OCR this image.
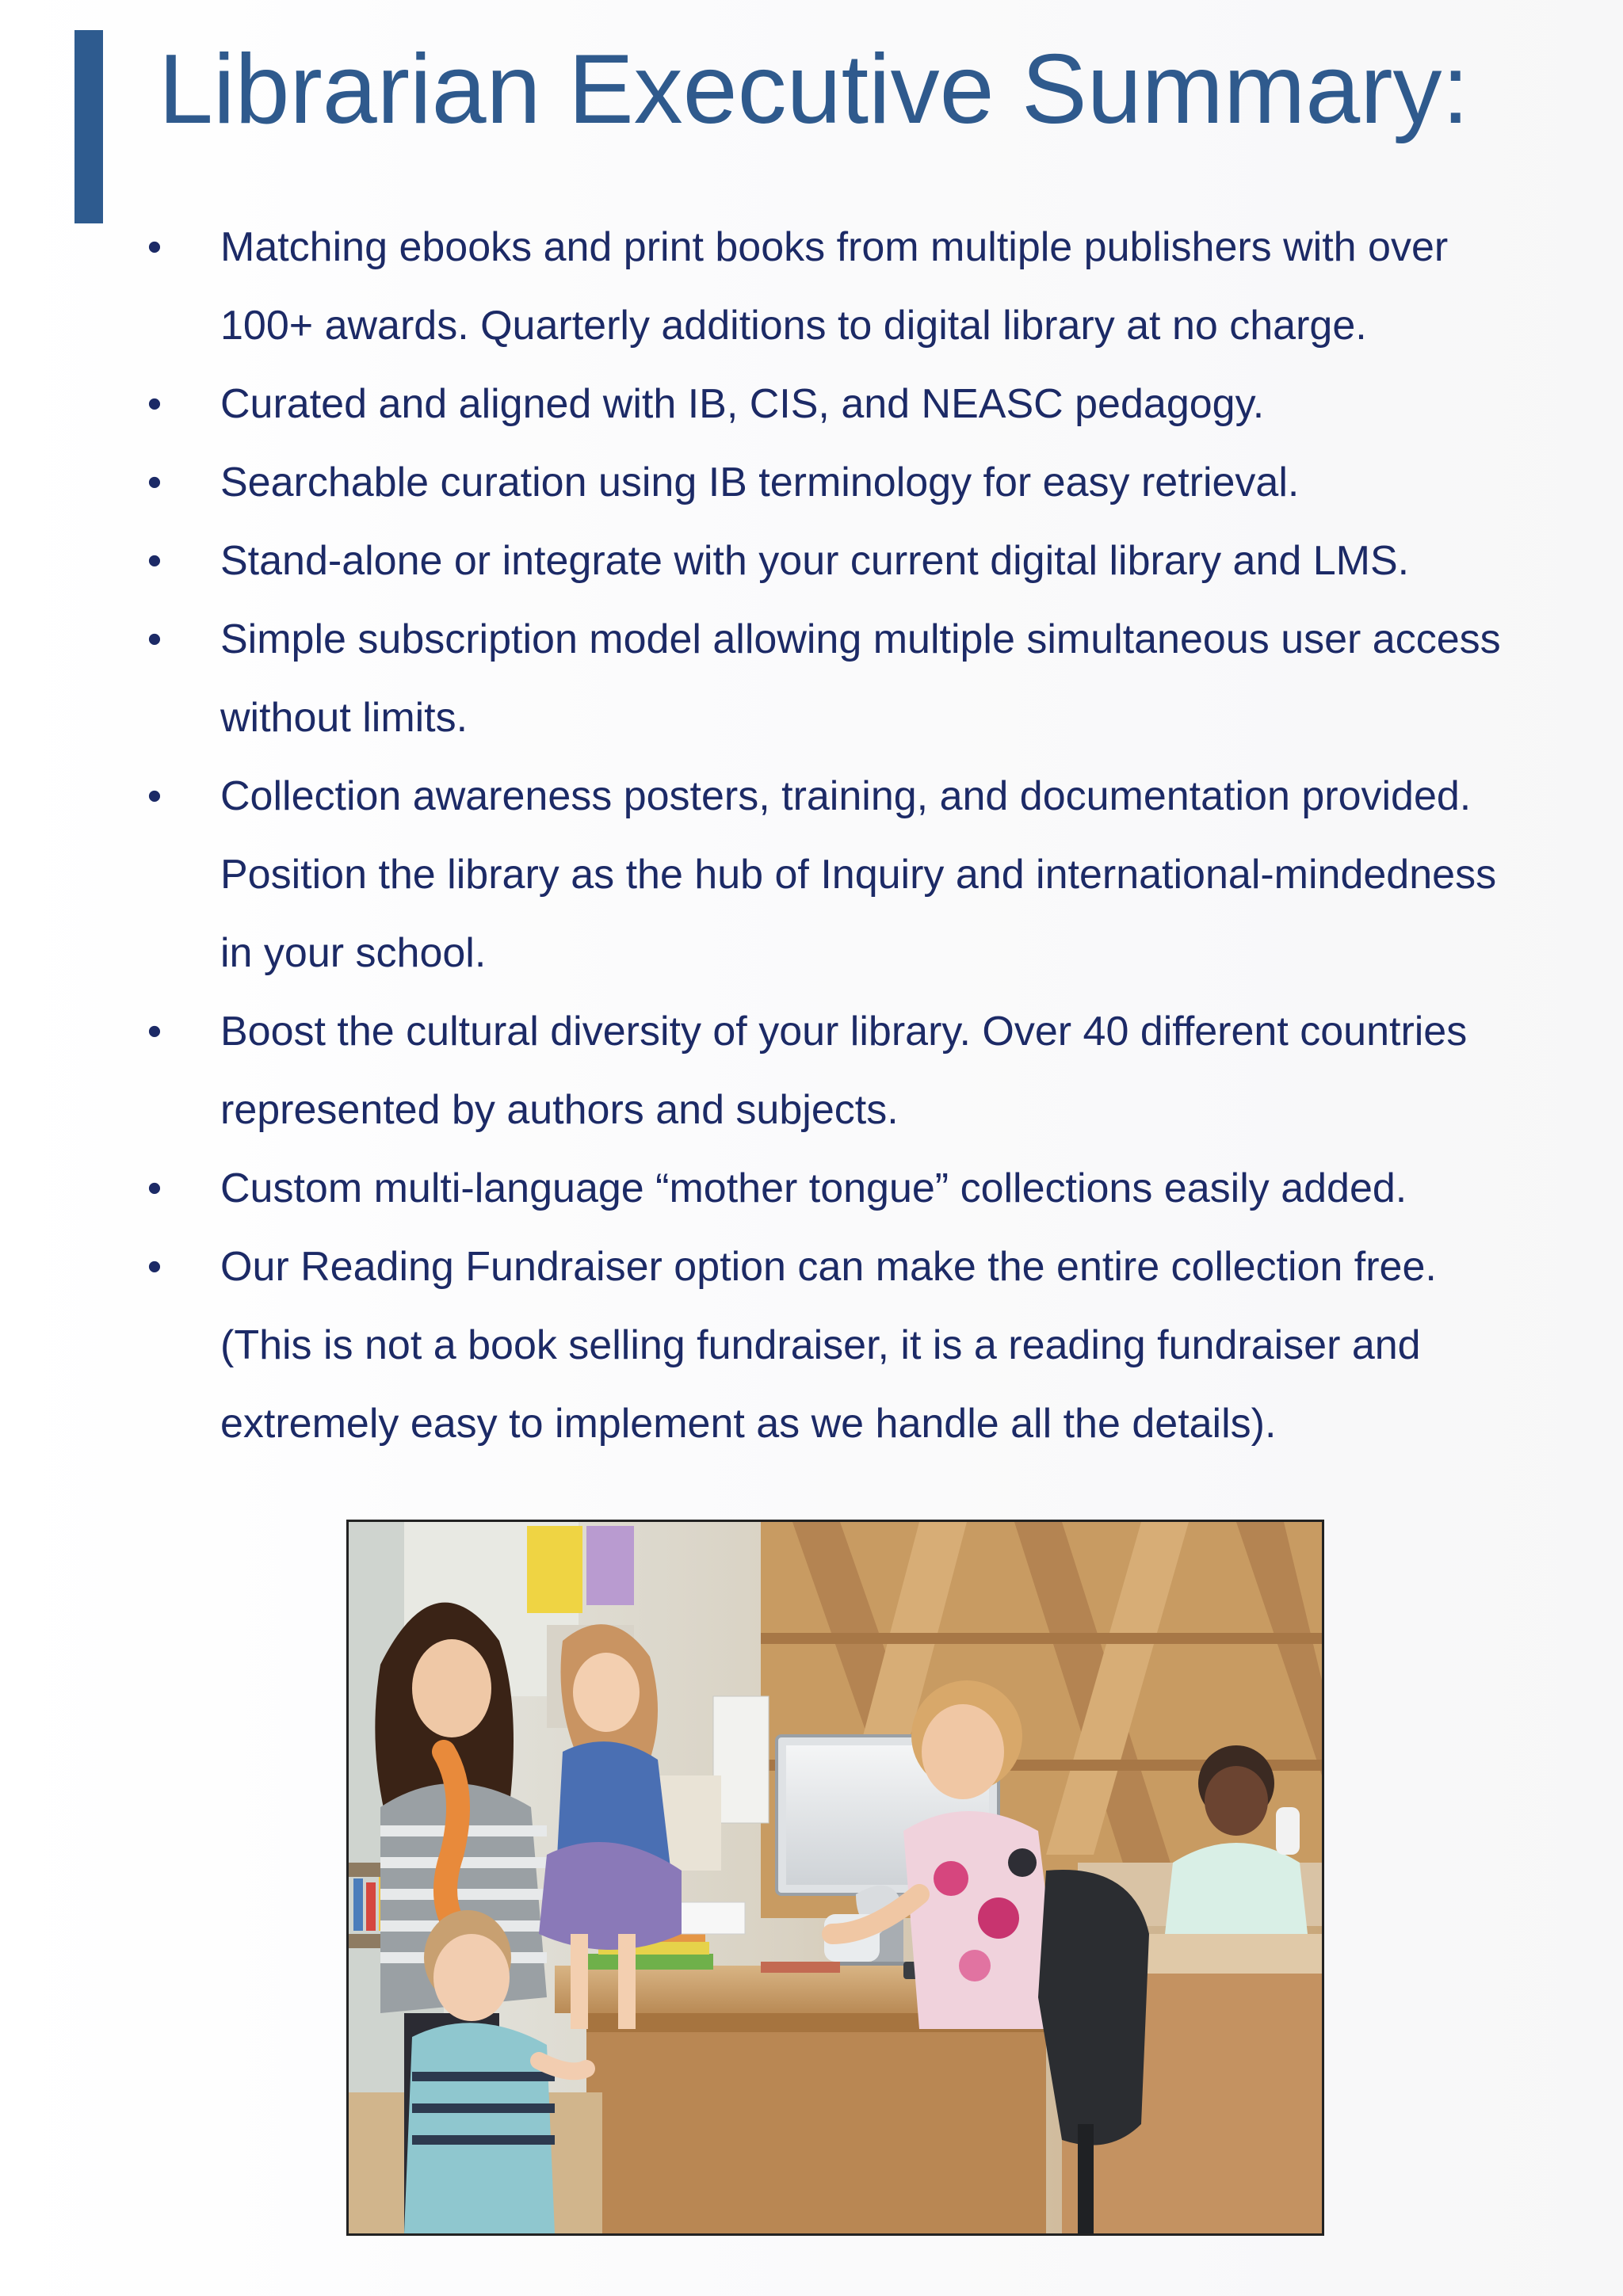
Librarian Executive Summary:
• Matching ebooks and print books from multiple publishers with over 100+ awards. Quarterly additions to digital library at no charge.
• Curated and aligned with IB, CIS, and NEASC pedagogy.
• Searchable curation using IB terminology for easy retrieval.
• Stand-alone or integrate with your current digital library and LMS.
• Simple subscription model allowing multiple simultaneous user access without limits.
• Collection awareness posters, training, and documentation provided.  Position the library as the hub of Inquiry and international-mindedness in your school.
• Boost the cultural diversity of your library. Over 40 different countries represented by authors and subjects.
• Custom multi-language “mother tongue” collections easily added.
• Our Reading Fundraiser option can make the entire collection free. (This is not a book selling fundraiser, it is a reading fundraiser and extremely easy to implement as we handle all the details).
